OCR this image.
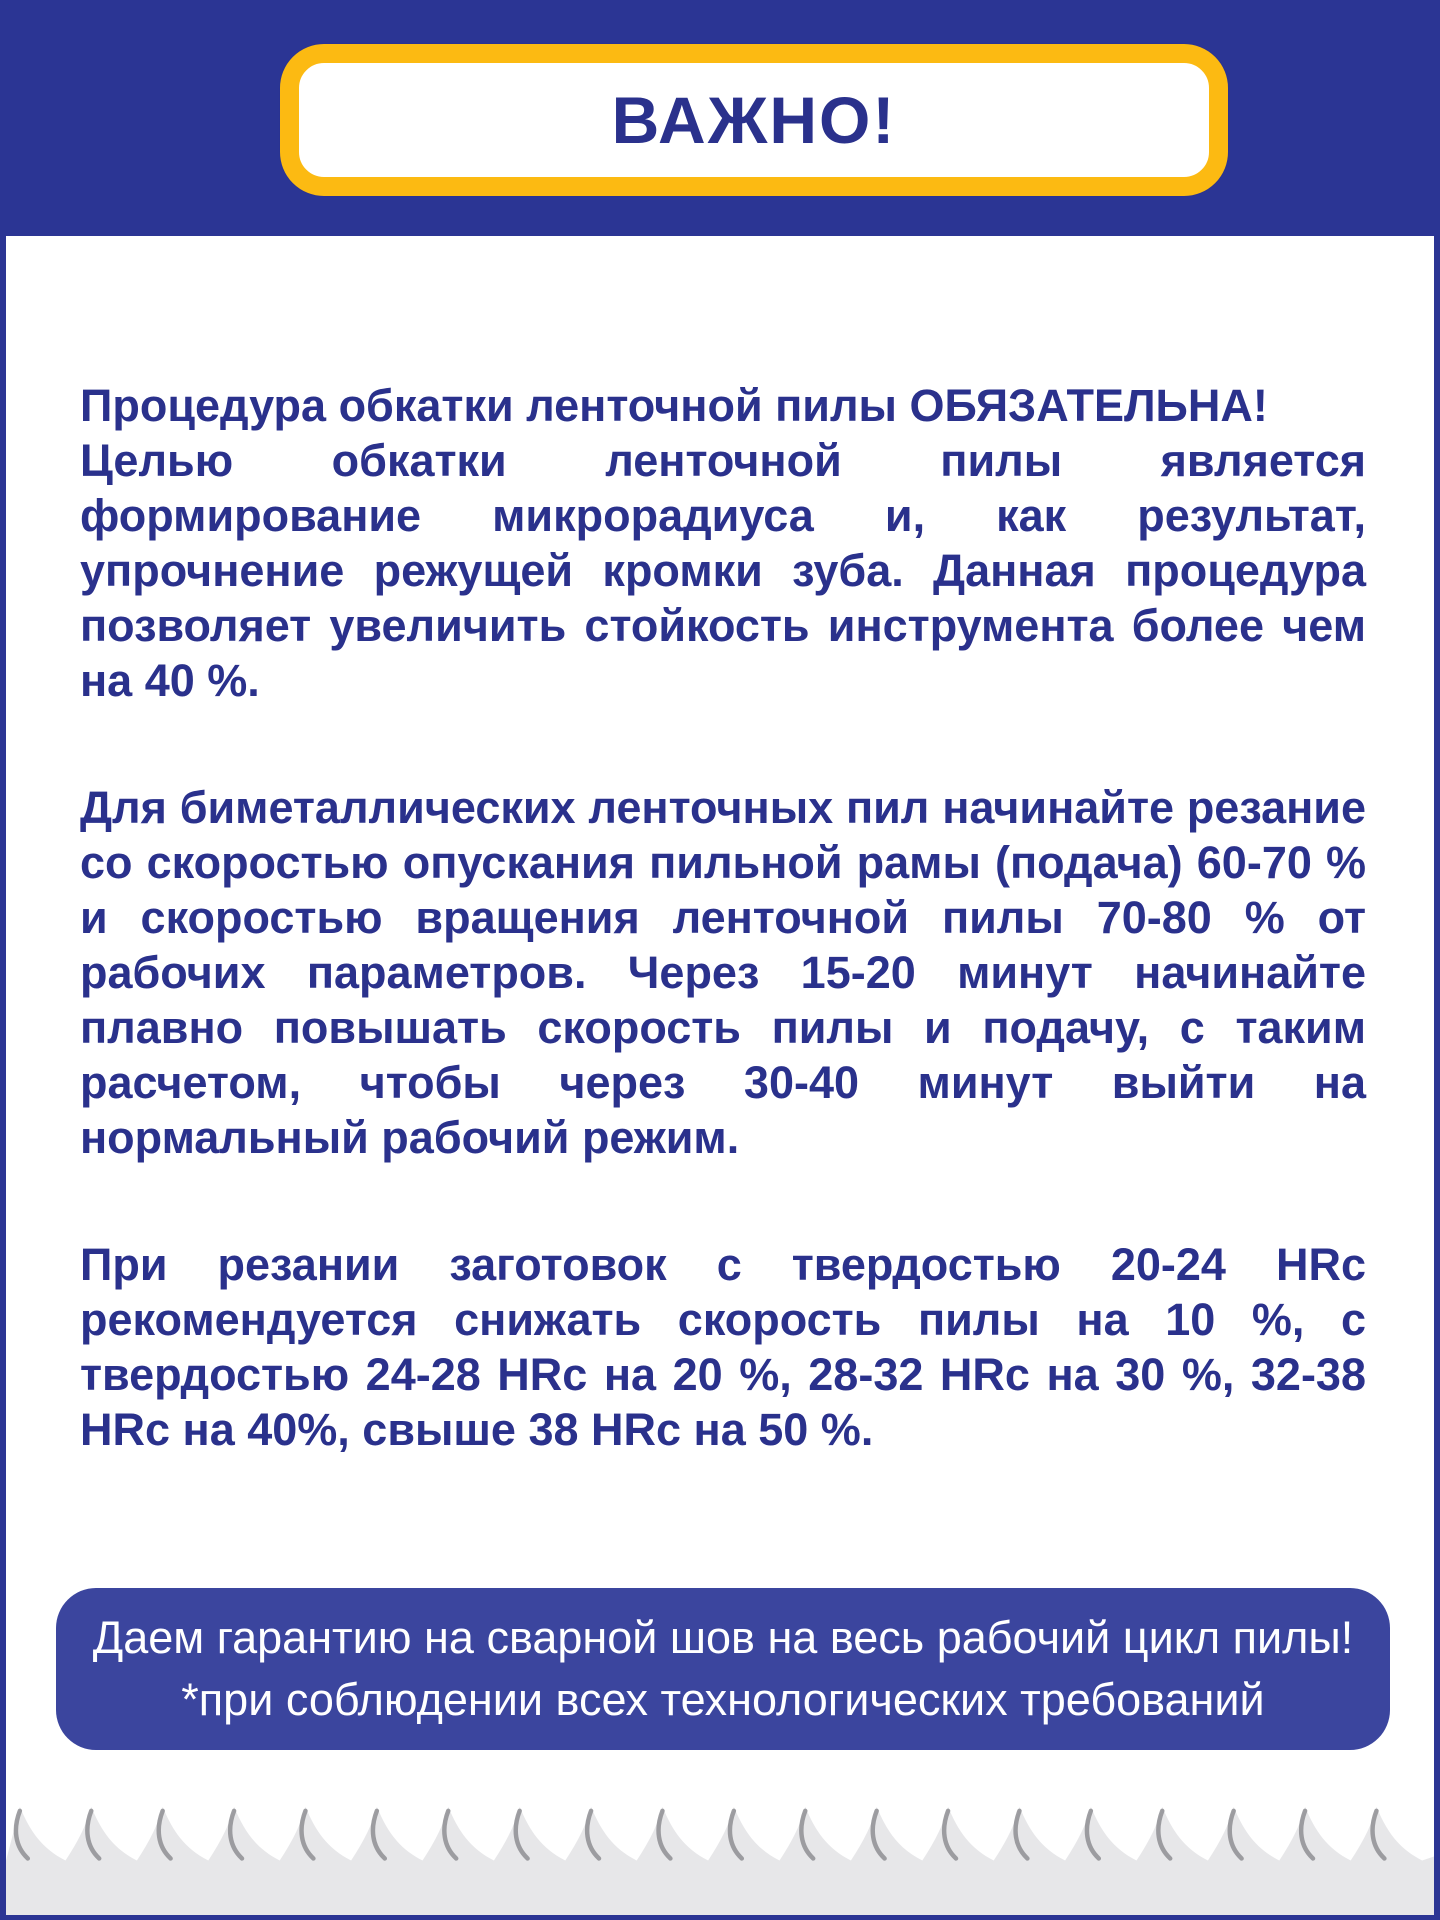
ВАЖНО!

Процедура обкатки ленточной пилы ОБЯЗАТЕЛЬНА!
Целью обкатки ленточной пилы является формирование микрорадиуса и, как результат, упрочнение режущей кромки зуба. Данная процедура позволяет увеличить стойкость инструмента более чем на 40 %.

Для биметаллических ленточных пил начинайте резание со скоростью опускания пильной рамы (подача) 60-70 % и скоростью вращения ленточной пилы 70-80 % от рабочих параметров. Через 15-20 минут начинайте плавно повышать скорость пилы и подачу, с таким расчетом, чтобы через 30-40 минут выйти на нормальный рабочий режим.

При резании заготовок с твердостью 20-24 HRc рекомендуется снижать скорость пилы на 10 %, с твердостью 24-28 HRc на 20 %, 28-32 HRc на 30 %, 32-38 HRc на 40%, свыше 38 HRc на 50 %.

Даем гарантию на сварной шов на весь рабочий цикл пилы!
*при соблюдении всех технологических требований
